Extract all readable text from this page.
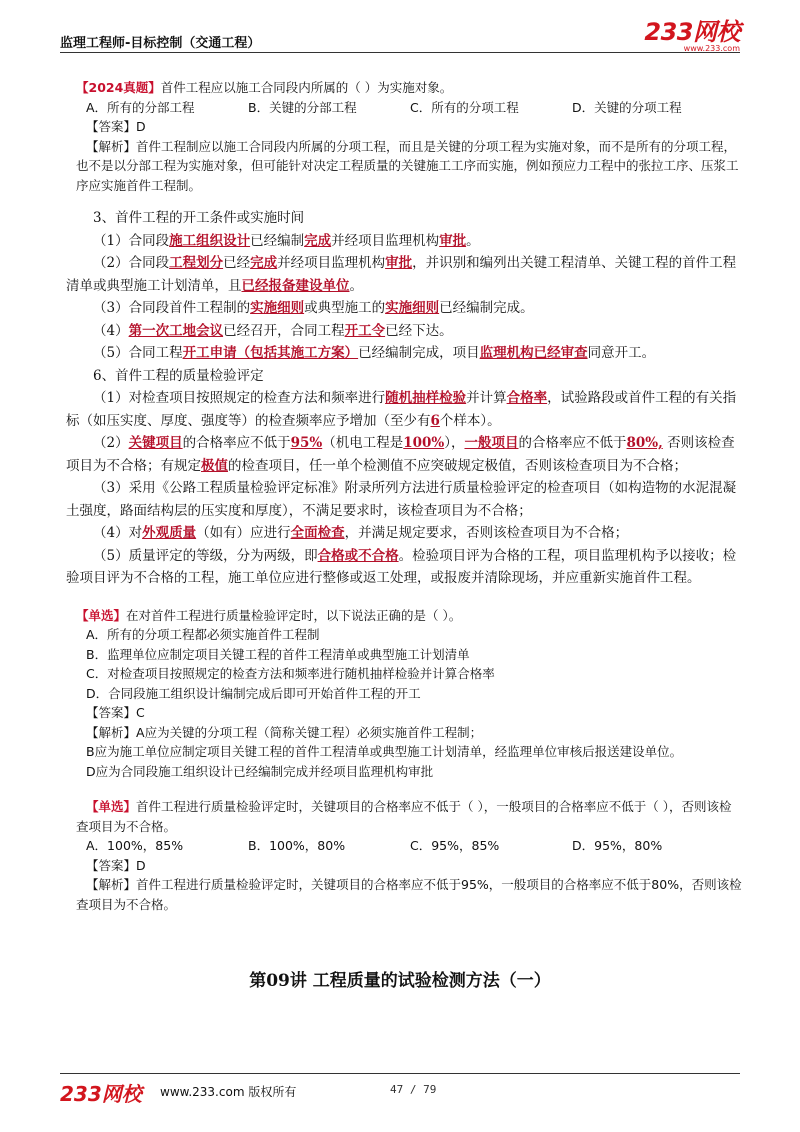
监理工程师-目标控制（交通工程）	233网校
www.233.com
【2024真题】首件工程应以施工合同段内所属的（ ）为实施对象。
A．所有的分部工程	B．关键的分部工程	C．所有的分项工程	D．关键的分项工程
【答案】D
【解析】首件工程制应以施工合同段内所属的分项工程，而且是关键的分项工程为实施对象，而不是所有的分项工程，也不是以分部工程为实施对象，但可能针对决定工程质量的关键施工工序而实施，例如预应力工程中的张拉工序、压浆工序应实施首件工程制。

3、首件工程的开工条件或实施时间

（1）合同段施工组织设计已经编制完成并经项目监理机构审批。

（2）合同段工程划分已经完成并经项目监理机构审批，并识别和编列出关键工程清单、关键工程的首件工程清单或典型施工计划清单，且已经报备建设单位。

（3）合同段首件工程制的实施细则或典型施工的实施细则已经编制完成。

（4）第一次工地会议已经召开，合同工程开工令已经下达。

（5）合同工程开工申请（包括其施工方案）已经编制完成，项目监理机构已经审查同意开工。

6、首件工程的质量检验评定

（1）对检查项目按照规定的检查方法和频率进行随机抽样检验并计算合格率，试验路段或首件工程的有关指标（如压实度、厚度、强度等）的检查频率应予增加（至少有6个样本）。

（2）关键项目的合格率应不低于95%（机电工程是100%），一般项目的合格率应不低于80%, 否则该检查项目为不合格；有规定极值的检查项目，任一单个检测值不应突破规定极值，否则该检查项目为不合格；

（3）采用《公路工程质量检验评定标准》附录所列方法进行质量检验评定的检查项目（如构造物的水泥混凝土强度，路面结构层的压实度和厚度），不满足要求时，该检查项目为不合格；

（4）对外观质量（如有）应进行全面检查，并满足规定要求，否则该检查项目为不合格；

（5）质量评定的等级，分为两级，即合格或不合格。检验项目评为合格的工程，项目监理机构予以接收；检验项目评为不合格的工程，施工单位应进行整修或返工处理，或报废并清除现场，并应重新实施首件工程。

【单选】在对首件工程进行质量检验评定时，以下说法正确的是（ ）。
A．所有的分项工程都必须实施首件工程制
B．监理单位应制定项目关键工程的首件工程清单或典型施工计划清单
C．对检查项目按照规定的检查方法和频率进行随机抽样检验并计算合格率
D．合同段施工组织设计编制完成后即可开始首件工程的开工
【答案】C
【解析】A应为关键的分项工程（简称关键工程）必须实施首件工程制；
B应为施工单位应制定项目关键工程的首件工程清单或典型施工计划清单，经监理单位审核后报送建设单位。
D应为合同段施工组织设计已经编制完成并经项目监理机构审批
【单选】首件工程进行质量检验评定时，关键项目的合格率应不低于（ ），一般项目的合格率应不低于（ ），否则该检查项目为不合格。
A．100%，85%	B．100%，80%	C．95%，85%	D．95%，80%
【答案】D
【解析】首件工程进行质量检验评定时，关键项目的合格率应不低于95%，一般项目的合格率应不低于80%，否则该检查项目为不合格。
第09讲 工程质量的试验检测方法（一）
233网校 www.233.com 版权所有	47 / 79
